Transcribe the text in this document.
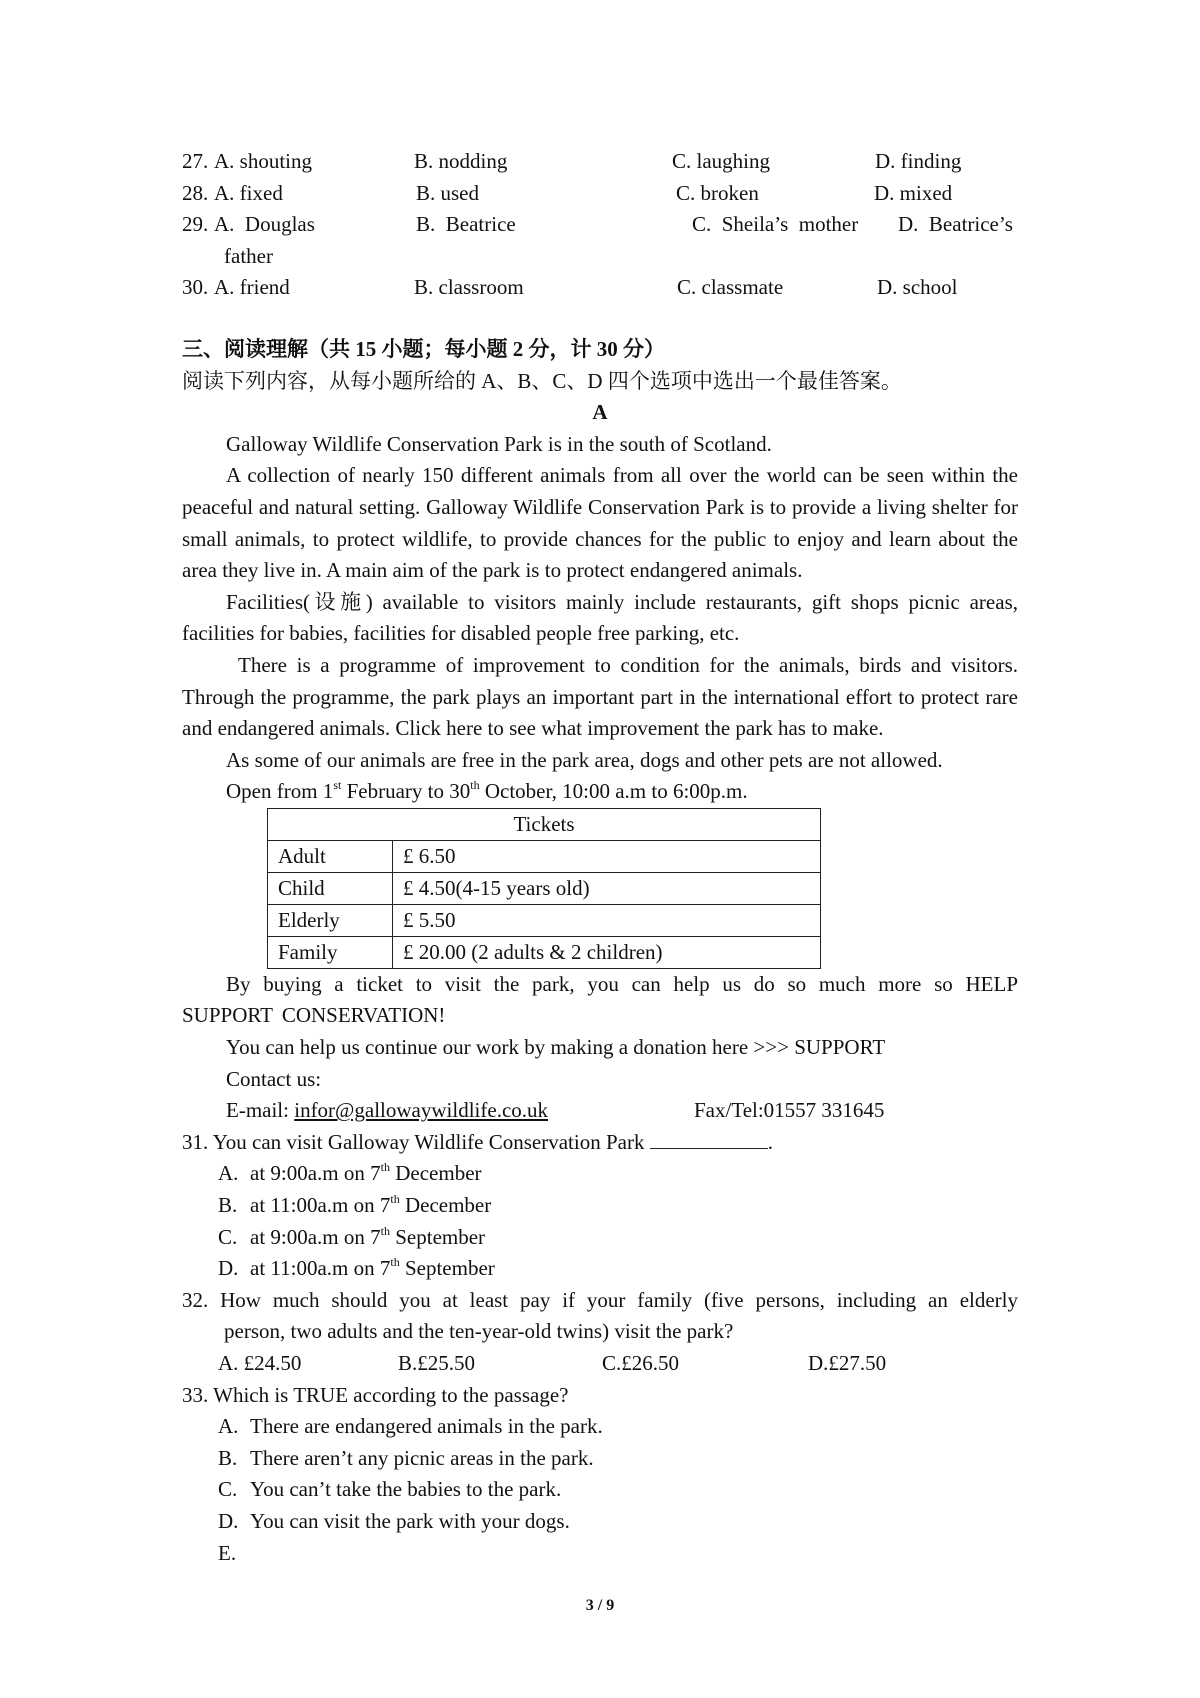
27. A. shouting	B. nodding	C. laughing	D. finding
28. A. fixed	B. used	C. broken	D. mixed
29. A.  Douglas	B.  Beatrice	C.  Sheila’s  mother D.  Beatrice’s
father
30. A. friend	B. classroom	C. classmate	D. school
三、阅读理解（共 15 小题；每小题 2 分，计 30 分）
阅读下列内容，从每小题所给的 A、B、C、D 四个选项中选出一个最佳答案。
A
Galloway Wildlife Conservation Park is in the south of Scotland.
A collection of nearly 150 different animals from all over the world can be seen within the peaceful and natural setting. Galloway Wildlife Conservation Park is to provide a living shelter for small animals, to protect wildlife, to provide chances for the public to enjoy and learn about the area they live in. A main aim of the park is to protect endangered animals.
Facilities(设施) available to visitors mainly include restaurants, gift shops picnic areas, facilities for babies, facilities for disabled people free parking, etc.
There is a programme of improvement to condition for the animals, birds and visitors. Through the programme, the park plays an important part in the international effort to protect rare and endangered animals. Click here to see what improvement the park has to make.
As some of our animals are free in the park area, dogs and other pets are not allowed.
Open from 1st February to 30th October, 10:00 a.m to 6:00p.m.
Tickets	
Adult	£ 6.50
Child	£ 4.50(4-15 years old)
Elderly	£ 5.50
Family	£ 20.00 (2 adults & 2 children)
By buying a ticket to visit the park, you can help us do so much more so HELP SUPPORT CONSERVATION!
You can help us continue our work by making a donation here >>> SUPPORT
Contact us:
E-mail: infor@gallowaywildlife.co.uk	Fax/Tel:01557 331645
31. You can visit Galloway Wildlife Conservation Park	.
A. at 9:00a.m on 7th December
B. at 11:00a.m on 7th December
C. at 9:00a.m on 7th September
D. at 11:00a.m on 7th September
32. How much should you at least pay if your family (five persons, including an elderly
person, two adults and the ten-year-old twins) visit the park?
A. £24.50	B.£25.50	C.£26.50	D.£27.50
33. Which is TRUE according to the passage?
A. There are endangered animals in the park.
B. There aren’t any picnic areas in the park.
C. You can’t take the babies to the park.
D. You can visit the park with your dogs.
E.
3 / 9
